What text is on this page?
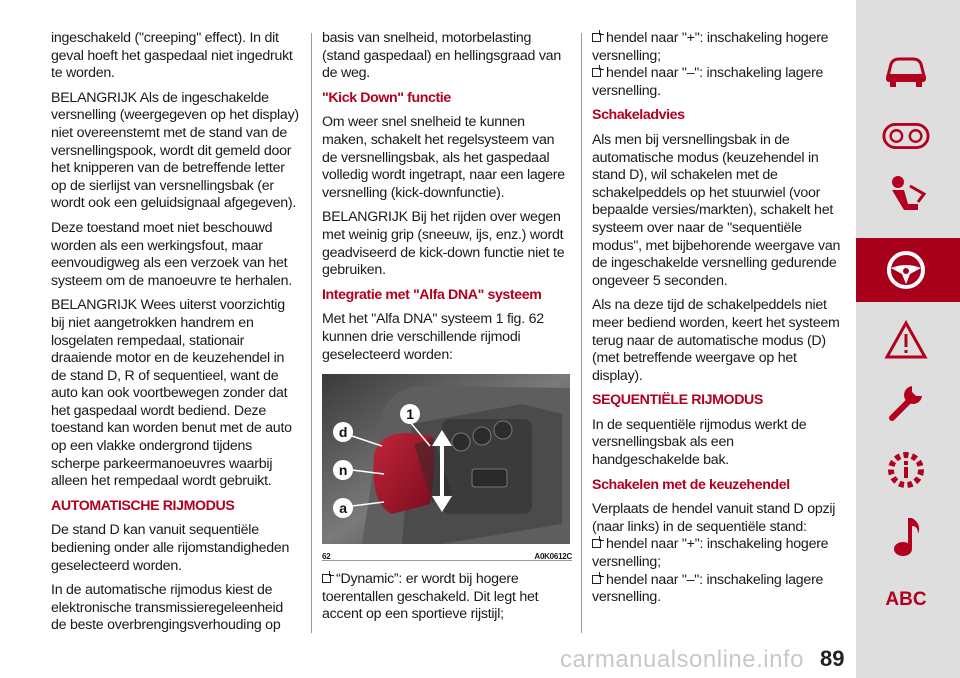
ingeschakeld ("creeping" effect). In dit geval hoeft het gaspedaal niet ingedrukt te worden.

BELANGRIJK Als de ingeschakelde versnelling (weergegeven op het display) niet overeenstemt met de stand van de versnellingspook, wordt dit gemeld door het knipperen van de betreffende letter op de sierlijst van versnellingsbak (er wordt ook een geluidsignaal afgegeven).

Deze toestand moet niet beschouwd worden als een werkingsfout, maar eenvoudigweg als een verzoek van het systeem om de manoeuvre te herhalen.

BELANGRIJK Wees uiterst voorzichtig bij niet aangetrokken handrem en losgelaten rempedaal, stationair draaiende motor en de keuzehendel in de stand D, R of sequentieel, want de auto kan ook voortbewegen zonder dat het gaspedaal wordt bediend. Deze toestand kan worden benut met de auto op een vlakke ondergrond tijdens scherpe parkeermanoeuvres waarbij alleen het rempedaal wordt gebruikt.

AUTOMATISCHE RIJMODUS

De stand D kan vanuit sequentiële bediening onder alle rijomstandigheden geselecteerd worden.

In de automatische rijmodus kiest de elektronische transmissieregeleenheid de beste overbrengingsverhouding op

basis van snelheid, motorbelasting (stand gaspedaal) en hellingsgraad van de weg.

"Kick Down" functie

Om weer snel snelheid te kunnen maken, schakelt het regelsysteem van de versnellingsbak, als het gaspedaal volledig wordt ingetrapt, naar een lagere versnelling (kick-downfunctie).

BELANGRIJK Bij het rijden over wegen met weinig grip (sneeuw, ijs, enz.) wordt geadviseerd de kick-down functie niet te gebruiken.

Integratie met "Alfa DNA" systeem

Met het "Alfa DNA" systeem 1 fig. 62 kunnen drie verschillende rijmodi geselecteerd worden:

1
d
n
a
62	A0K0612C

“Dynamic”: er wordt bij hogere toerentallen geschakeld. Dit legt het accent op een sportieve rijstijl;

hendel naar "+": inschakeling hogere versnelling;

hendel naar "–": inschakeling lagere versnelling.

Schakeladvies

Als men bij versnellingsbak in de automatische modus (keuzehendel in stand D), wil schakelen met de schakelpeddels op het stuurwiel (voor bepaalde versies/markten), schakelt het systeem over naar de "sequentiële modus", met bijbehorende weergave van de ingeschakelde versnelling gedurende ongeveer 5 seconden.

Als na deze tijd de schakelpeddels niet meer bediend worden, keert het systeem terug naar de automatische modus (D) (met betreffende weergave op het display).

SEQUENTIËLE RIJMODUS

In de sequentiële rijmodus werkt de versnellingsbak als een handgeschakelde bak.

Schakelen met de keuzehendel

Verplaats de hendel vanuit stand D opzij (naar links) in de sequentiële stand:

hendel naar "+": inschakeling hogere versnelling;

hendel naar "–": inschakeling lagere versnelling.	ABC
carmanualsonline.info 89
